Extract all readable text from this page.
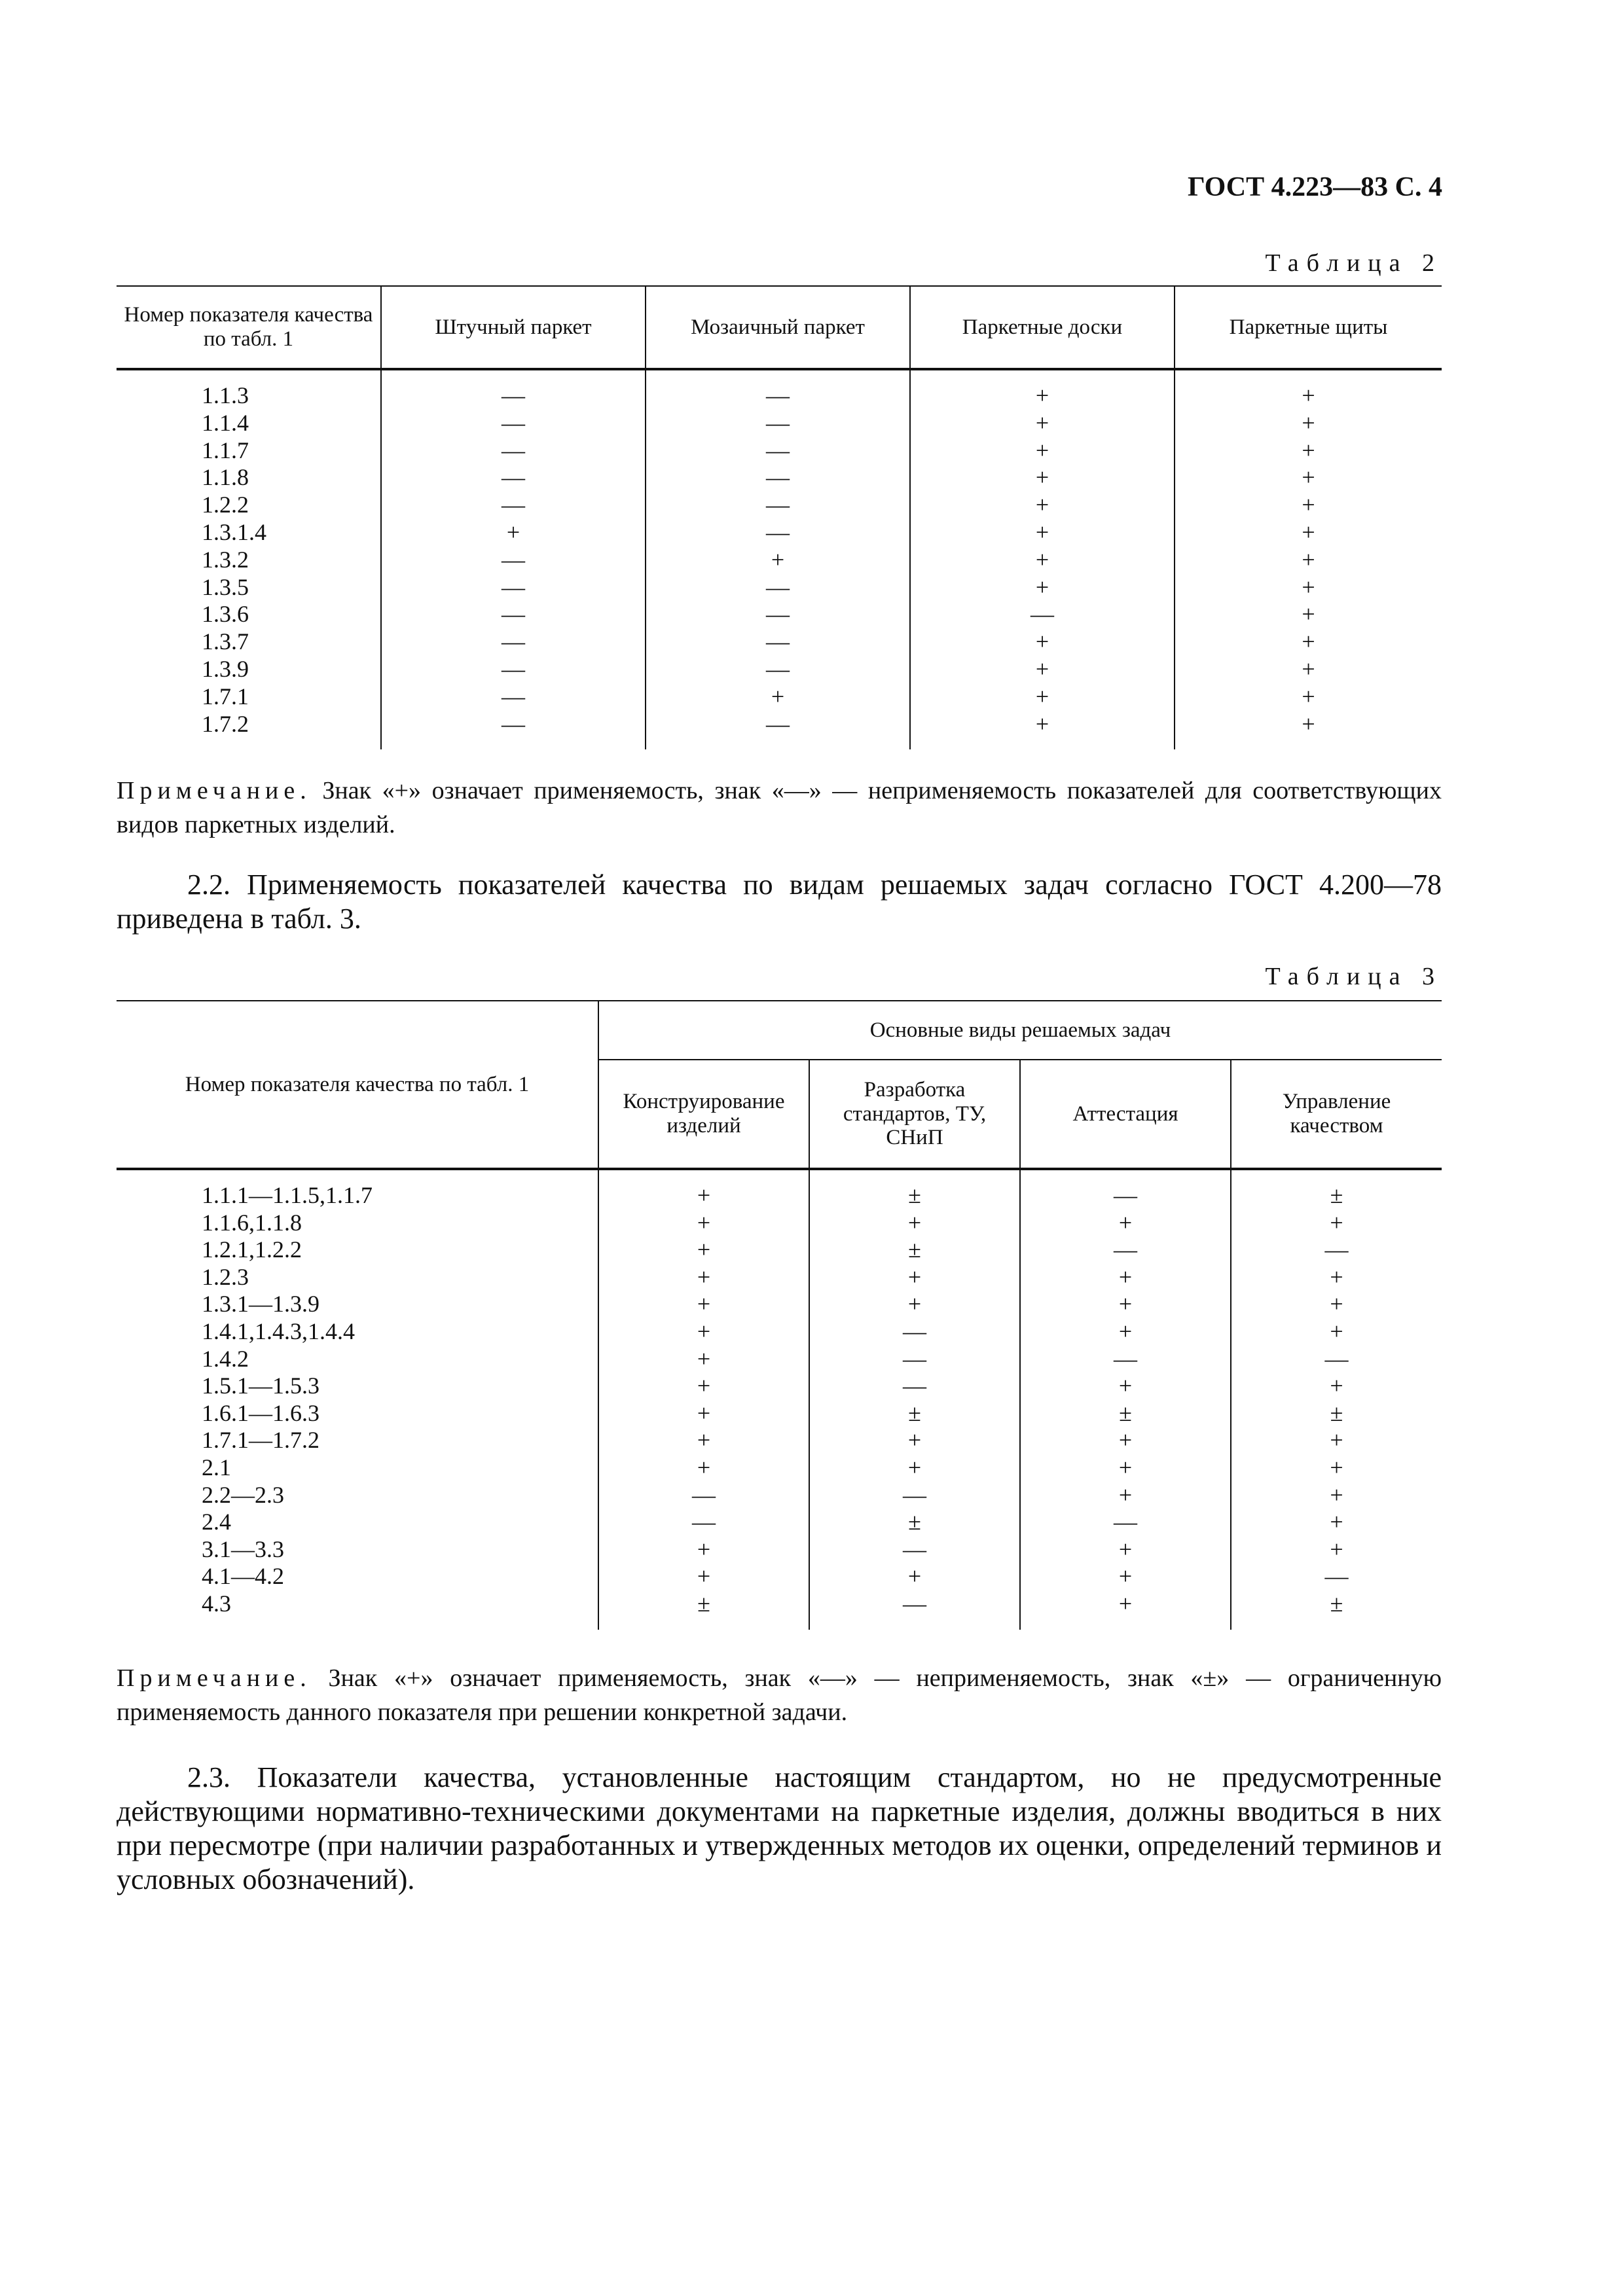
ГОСТ 4.223—83 С. 4
Таблица 2
Номер показателя качества по табл. 1	Штучный паркет	Мозаичный паркет	Паркетные доски	Паркетные щиты
1.1.3	—	—	+	+
1.1.4	—	—	+	+
1.1.7	—	—	+	+
1.1.8	—	—	+	+
1.2.2	—	—	+	+
1.3.1.4	+	—	+	+
1.3.2	—	+	+	+
1.3.5	—	—	+	+
1.3.6	—	—	—	+
1.3.7	—	—	+	+
1.3.9	—	—	+	+
1.7.1	—	+	+	+
1.7.2	—	—	+	+

Примечание. Знак «+» означает применяемость, знак «—» — неприменяемость показателей для соответствующих видов паркетных изделий.

2.2. Применяемость показателей качества по видам решаемых задач согласно ГОСТ 4.200—78 приведена в табл. 3.

Таблица 3
Номер показателя качества по табл. 1	Основные виды решаемых задач			
	Конструирование изделий	Разработка стандартов, ТУ, СНиП	Аттестация	Управление качеством
1.1.1—1.1.5,1.1.7	+	±	—	±
1.1.6,1.1.8	+	+	+	+
1.2.1,1.2.2	+	±	—	—
1.2.3	+	+	+	+
1.3.1—1.3.9	+	+	+	+
1.4.1,1.4.3,1.4.4	+	—	+	+
1.4.2	+	—	—	—
1.5.1—1.5.3	+	—	+	+
1.6.1—1.6.3	+	±	±	±
1.7.1—1.7.2	+	+	+	+
2.1	+	+	+	+
2.2—2.3	—	—	+	+
2.4	—	±	—	+
3.1—3.3	+	—	+	+
4.1—4.2	+	+	+	—
4.3	±	—	+	±

Примечание. Знак «+» означает применяемость, знак «—» — неприменяемость, знак «±» — ограниченную применяемость данного показателя при решении конкретной задачи.

2.3. Показатели качества, установленные настоящим стандартом, но не предусмотренные действующими нормативно-техническими документами на паркетные изделия, должны вводиться в них при пересмотре (при наличии разработанных и утвержденных методов их оценки, определений терминов и условных обозначений).
